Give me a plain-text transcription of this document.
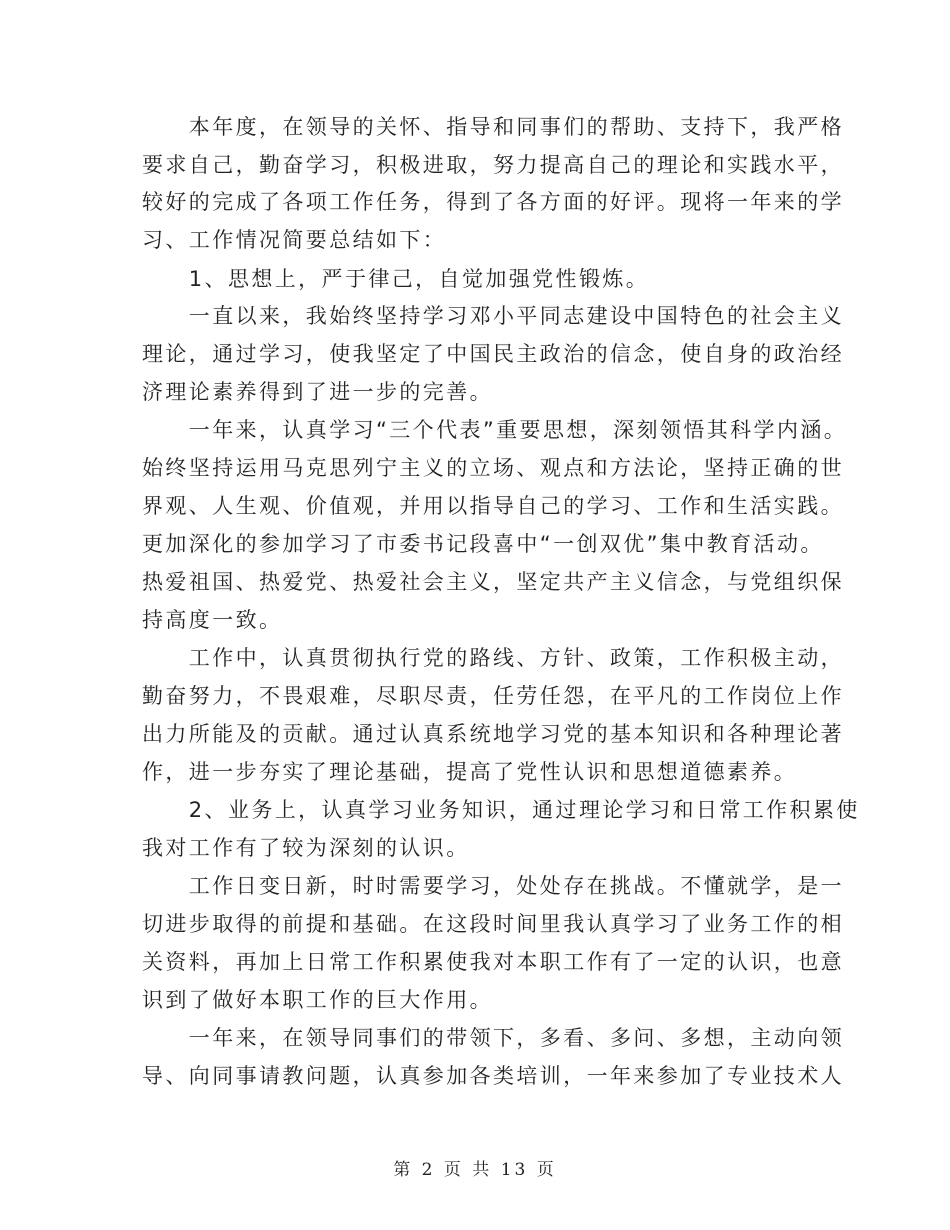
　　本年度，在领导的关怀、指导和同事们的帮助、支持下，我严格
要求自己，勤奋学习，积极进取，努力提高自己的理论和实践水平，
较好的完成了各项工作任务，得到了各方面的好评。现将一年来的学
习、工作情况简要总结如下：
　　1、思想上，严于律己，自觉加强党性锻炼。
　　一直以来，我始终坚持学习邓小平同志建设中国特色的社会主义
理论，通过学习，使我坚定了中国民主政治的信念，使自身的政治经
济理论素养得到了进一步的完善。
　　一年来，认真学习“三个代表”重要思想，深刻领悟其科学内涵。
始终坚持运用马克思列宁主义的立场、观点和方法论，坚持正确的世
界观、人生观、价值观，并用以指导自己的学习、工作和生活实践。
更加深化的参加学习了市委书记段喜中“一创双优”集中教育活动。
热爱祖国、热爱党、热爱社会主义，坚定共产主义信念，与党组织保
持高度一致。
　　工作中，认真贯彻执行党的路线、方针、政策，工作积极主动，
勤奋努力，不畏艰难，尽职尽责，任劳任怨，在平凡的工作岗位上作
出力所能及的贡献。通过认真系统地学习党的基本知识和各种理论著
作，进一步夯实了理论基础，提高了党性认识和思想道德素养。
　　2、业务上，认真学习业务知识，通过理论学习和日常工作积累使
我对工作有了较为深刻的认识。
　　工作日变日新，时时需要学习，处处存在挑战。不懂就学，是一
切进步取得的前提和基础。在这段时间里我认真学习了业务工作的相
关资料，再加上日常工作积累使我对本职工作有了一定的认识，也意
识到了做好本职工作的巨大作用。
　　一年来，在领导同事们的带领下，多看、多问、多想，主动向领
导、向同事请教问题，认真参加各类培训，一年来参加了专业技术人
第 2 页 共 13 页
